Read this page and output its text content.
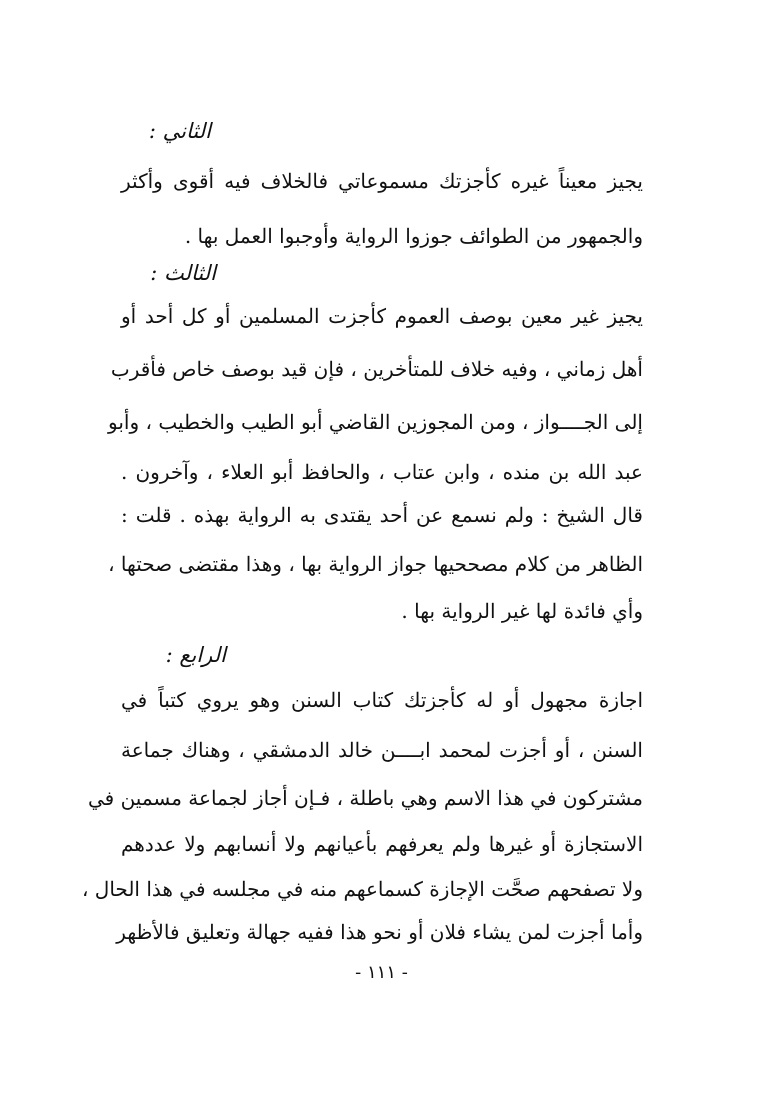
الثاني :
يجيز معيناً غيره كأجزتك مسموعاتي فالخلاف فيه أقوى وأكثر
والجمهور من الطوائف جوزوا الرواية وأوجبوا العمل بها .
الثالث :
يجيز غير معين بوصف العموم كأجزت المسلمين أو كل أحد أو
أهل زماني ، وفيه خلاف للمتأخرين ، فإن قيد بوصف خاص فأقرب
إلى الجــــواز ، ومن المجوزين القاضي أبو الطيب والخطيب ، وأبو
عبد الله بن منده ، وابن عتاب ، والحافظ أبو العلاء ، وآخرون .
قال الشيخ : ولم نسمع عن أحد يقتدى به الرواية بهذه . قلت :
الظاهر من كلام مصححيها جواز الرواية بها ، وهذا مقتضى صحتها ،
وأي فائدة لها غير الرواية بها .
الرابع :
اجازة مجهول أو له كأجزتك كتاب السنن وهو يروي كتباً في
السنن ، أو أجزت لمحمد ابــــن خالد الدمشقي ، وهناك جماعة
مشتركون في هذا الاسم وهي باطلة ، فـإن أجاز لجماعة مسمين في
الاستجازة أو غيرها ولم يعرفهم بأعيانهم ولا أنسابهم ولا عددهم
ولا تصفحهم صحَّت الإجازة كسماعهم منه في مجلسه في هذا الحال ،
وأما أجزت لمن يشاء فلان أو نحو هذا ففيه جهالة وتعليق فالأظهر
- ١١١ -
